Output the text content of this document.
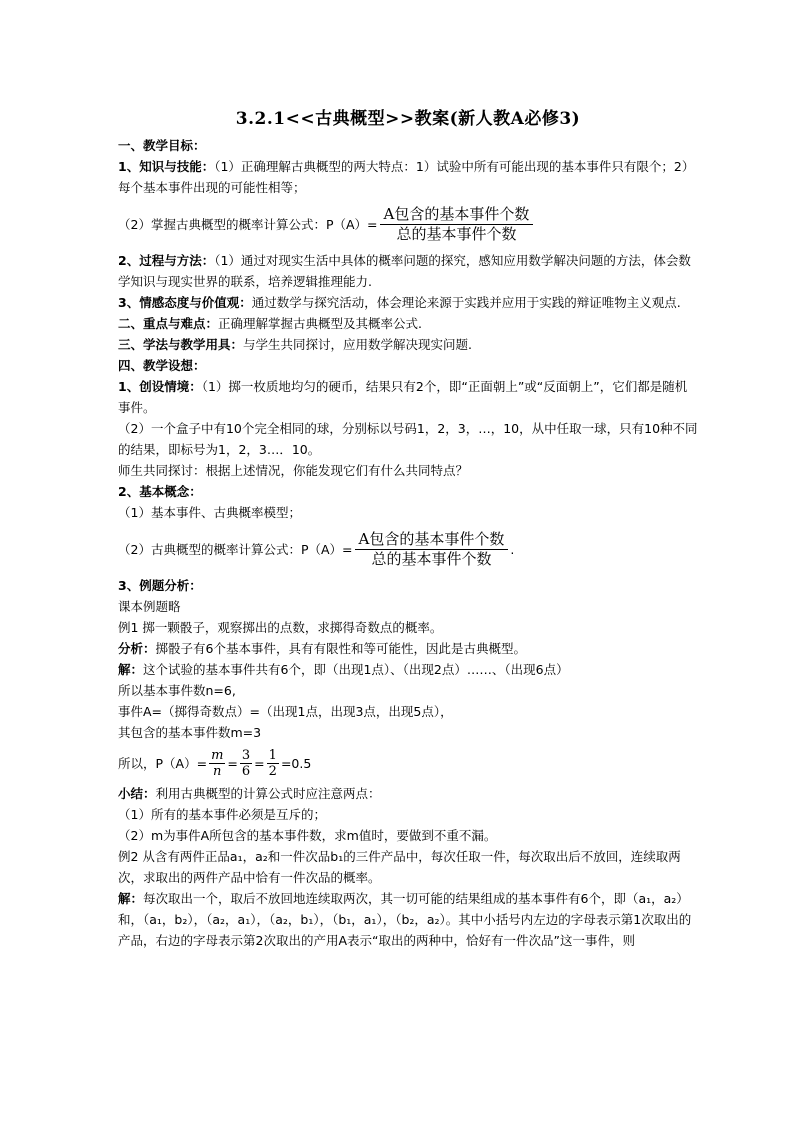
3.2.1<<古典概型>>教案(新人教A必修3)

一、教学目标：

1、知识与技能：（1）正确理解古典概型的两大特点：1）试验中所有可能出现的基本事件只有限个；2）每个基本事件出现的可能性相等；

（2）掌握古典概型的概率计算公式：$P(A)= \frac{\text{A包含的基本事件个数}}{\text{总的基本事件个数}}$

2、过程与方法：（1）通过对现实生活中具体的概率问题的探究，感知应用数学解决问题的方法，体会数学知识与现实世界的联系，培养逻辑推理能力.

3、情感态度与价值观：通过数学与探究活动，体会理论来源于实践并应用于实践的辩证唯物主义观点.

二、重点与难点：正确理解掌握古典概型及其概率公式.

三、学法与教学用具：与学生共同探讨，应用数学解决现实问题.

四、教学设想：

1、创设情境：（1）掷一枚质地均匀的硬币，结果只有2个，即“正面朝上”或“反面朝上”，它们都是随机事件。

（2）一个盒子中有10个完全相同的球，分别标以号码1，2，3，…，10，从中任取一球，只有10种不同的结果，即标号为1，2，3…．10。

师生共同探讨：根据上述情况，你能发现它们有什么共同特点？

2、基本概念：

（1）基本事件、古典概率模型；

（2）古典概型的概率计算公式：$P(A)= \frac{\text{A包含的基本事件个数}}{\text{总的基本事件个数}}$ .

3、例题分析：

课本例题略

例1 掷一颗骰子，观察掷出的点数，求掷得奇数点的概率。

分析：掷骰子有6个基本事件，具有有限性和等可能性，因此是古典概型。

解：这个试验的基本事件共有6个，即（出现1点）、（出现2点）……、（出现6点）

所以基本事件数n=6,

事件A=（掷得奇数点）=（出现1点，出现3点，出现5点），

其包含的基本事件数m=3

所以，$P(A)= \frac{m}{n} = \frac{3}{6} = \frac{1}{2} =0.5$

小结：利用古典概型的计算公式时应注意两点：

（1）所有的基本事件必须是互斥的；

（2）m为事件A所包含的基本事件数，求m值时，要做到不重不漏。

例2 从含有两件正品a₁，a₂和一件次品b₁的三件产品中，每次任取一件，每次取出后不放回，连续取两次，求取出的两件产品中恰有一件次品的概率。

解：每次取出一个，取后不放回地连续取两次，其一切可能的结果组成的基本事件有6个，即（a₁，a₂）和，（a₁，b₂），（a₂，a₁），（a₂，b₁），（b₁，a₁），（b₂，a₂）。其中小括号内左边的字母表示第1次取出的产品，右边的字母表示第2次取出的产用A表示“取出的两种中，恰好有一件次品”这一事件，则
